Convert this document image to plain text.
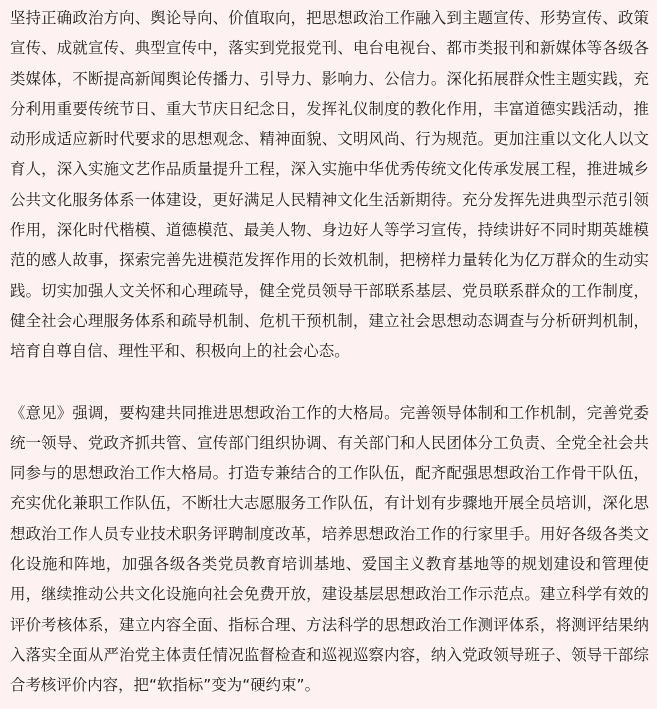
坚持正确政治方向、舆论导向、价值取向，把思想政治工作融入到主题宣传、形势宣传、政策宣传、成就宣传、典型宣传中，落实到党报党刊、电台电视台、都市类报刊和新媒体等各级各类媒体，不断提高新闻舆论传播力、引导力、影响力、公信力。深化拓展群众性主题实践，充分利用重要传统节日、重大节庆日纪念日，发挥礼仪制度的教化作用，丰富道德实践活动，推动形成适应新时代要求的思想观念、精神面貌、文明风尚、行为规范。更加注重以文化人以文育人，深入实施文艺作品质量提升工程，深入实施中华优秀传统文化传承发展工程，推进城乡公共文化服务体系一体建设，更好满足人民精神文化生活新期待。充分发挥先进典型示范引领作用，深化时代楷模、道德模范、最美人物、身边好人等学习宣传，持续讲好不同时期英雄模范的感人故事，探索完善先进模范发挥作用的长效机制，把榜样力量转化为亿万群众的生动实践。切实加强人文关怀和心理疏导，健全党员领导干部联系基层、党员联系群众的工作制度，健全社会心理服务体系和疏导机制、危机干预机制，建立社会思想动态调查与分析研判机制，培育自尊自信、理性平和、积极向上的社会心态。

《意见》强调，要构建共同推进思想政治工作的大格局。完善领导体制和工作机制，完善党委统一领导、党政齐抓共管、宣传部门组织协调、有关部门和人民团体分工负责、全党全社会共同参与的思想政治工作大格局。打造专兼结合的工作队伍，配齐配强思想政治工作骨干队伍，充实优化兼职工作队伍，不断壮大志愿服务工作队伍，有计划有步骤地开展全员培训，深化思想政治工作人员专业技术职务评聘制度改革，培养思想政治工作的行家里手。用好各级各类文化设施和阵地，加强各级各类党员教育培训基地、爱国主义教育基地等的规划建设和管理使用，继续推动公共文化设施向社会免费开放，建设基层思想政治工作示范点。建立科学有效的评价考核体系，建立内容全面、指标合理、方法科学的思想政治工作测评体系，将测评结果纳入落实全面从严治党主体责任情况监督检查和巡视巡察内容，纳入党政领导班子、领导干部综合考核评价内容，把“软指标”变为“硬约束”。
